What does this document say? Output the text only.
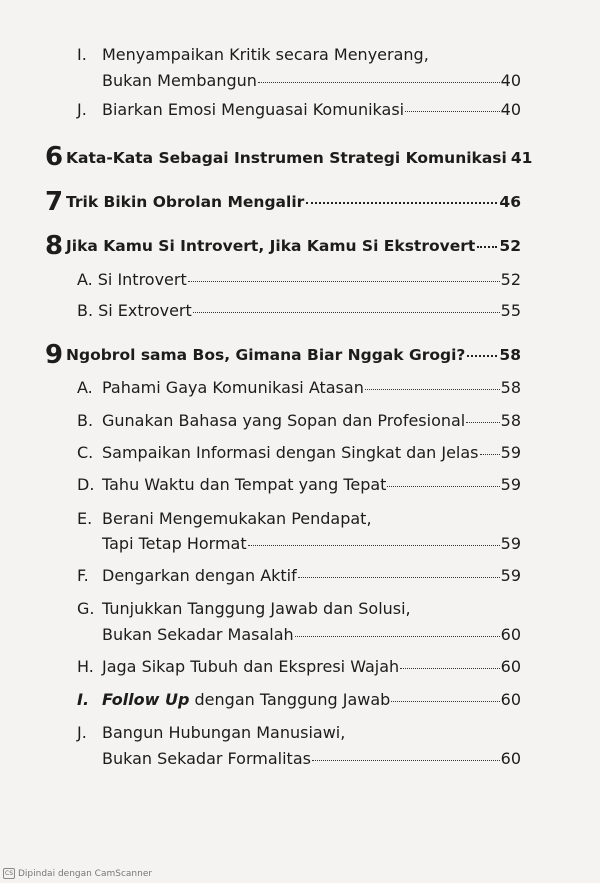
I. Menyampaikan Kritik secara Menyerang,
Bukan Membangun	40
J. Biarkan Emosi Menguasai Komunikasi	40
6 Kata-Kata Sebagai Instrumen Strategi Komunikasi 41
7 Trik Bikin Obrolan Mengalir	46
8 Jika Kamu Si Introvert, Jika Kamu Si Ekstrovert 52
A. Si Introvert	52
B. Si Extrovert	55
9 Ngobrol sama Bos, Gimana Biar Nggak Grogi? 58
A. Pahami Gaya Komunikasi Atasan	58
B. Gunakan Bahasa yang Sopan dan Profesional 58
C. Sampaikan Informasi dengan Singkat dan Jelas 59
D. Tahu Waktu dan Tempat yang Tepat	59
E. Berani Mengemukakan Pendapat,
Tapi Tetap Hormat	59
F. Dengarkan dengan Aktif	59
G. Tunjukkan Tanggung Jawab dan Solusi,
Bukan Sekadar Masalah	60
H. Jaga Sikap Tubuh dan Ekspresi Wajah	60
I. Follow Up dengan Tanggung Jawab	60
J. Bangun Hubungan Manusiawi,
Bukan Sekadar Formalitas	60
CS Dipindai dengan CamScanner
